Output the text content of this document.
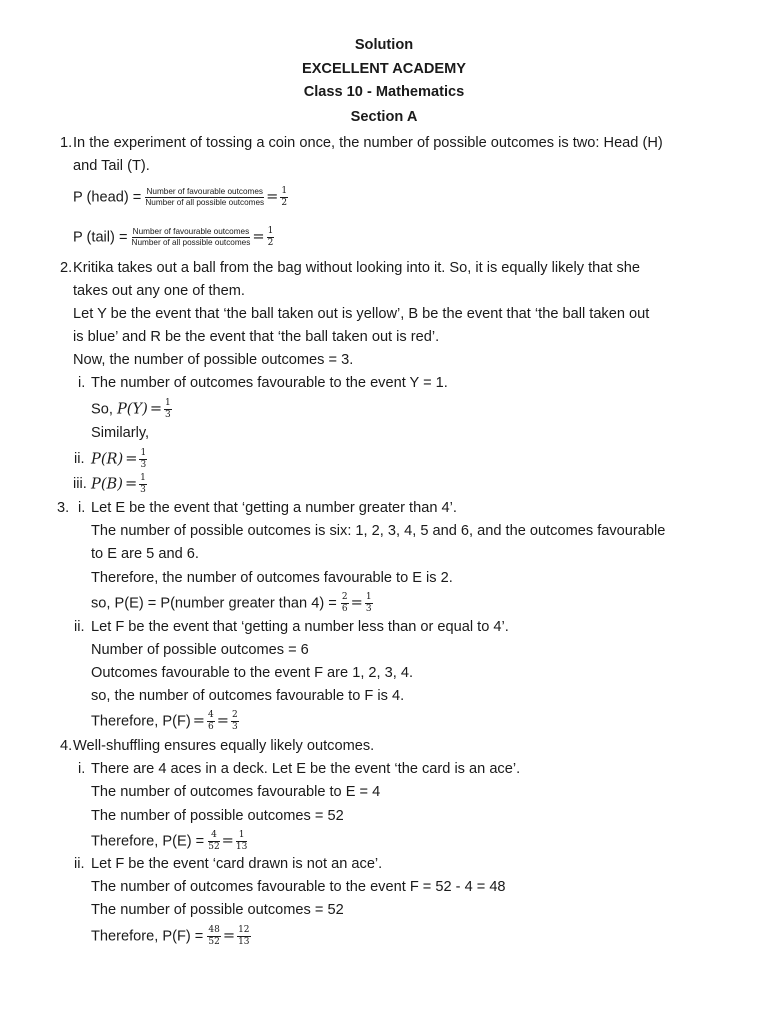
Solution
EXCELLENT ACADEMY
Class 10 - Mathematics
Section A
1. In the experiment of tossing a coin once, the number of possible outcomes is two: Head (H)
and Tail (T).
P (head) = $\frac{\text{Number of favourable outcomes}}{\text{Number of all possible outcomes}} = \frac{1}{2}$
P (tail) = $\frac{\text{Number of favourable outcomes}}{\text{Number of all possible outcomes}} = \frac{1}{2}$
2. Kritika takes out a ball from the bag without looking into it. So, it is equally likely that she
takes out any one of them.
Let Y be the event that ‘the ball taken out is yellow’, B be the event that ‘the ball taken out
is blue’ and R be the event that ‘the ball taken out is red’.
Now, the number of possible outcomes = 3.
i. The number of outcomes favourable to the event Y = 1.
So, $P(Y) = \frac{1}{3}$
Similarly,
ii. $P(R) = \frac{1}{3}$
iii. $P(B) = \frac{1}{3}$
3. i. Let E be the event that ‘getting a number greater than 4’.
The number of possible outcomes is six: 1, 2, 3, 4, 5 and 6, and the outcomes favourable
to E are 5 and 6.
Therefore, the number of outcomes favourable to E is 2.
so, P(E) = P(number greater than $4) = \frac{2}{6} = \frac{1}{3}$
ii. Let F be the event that ‘getting a number less than or equal to 4’.
Number of possible outcomes = 6
Outcomes favourable to the event F are 1, 2, 3, 4.
so, the number of outcomes favourable to F is 4.
Therefore, $P(F) = \frac{4}{6} = \frac{2}{3}$
4. Well-shuffling ensures equally likely outcomes.
i. There are 4 aces in a deck. Let E be the event ‘the card is an ace’.
The number of outcomes favourable to E = 4
The number of possible outcomes = 52
Therefore, $P(E) = \frac{4}{52} = \frac{1}{13}$
ii. Let F be the event ‘card drawn is not an ace’.
The number of outcomes favourable to the event F = 52 - 4 = 48
The number of possible outcomes = 52
Therefore, $P(F) = \frac{48}{52} = \frac{12}{13}$
